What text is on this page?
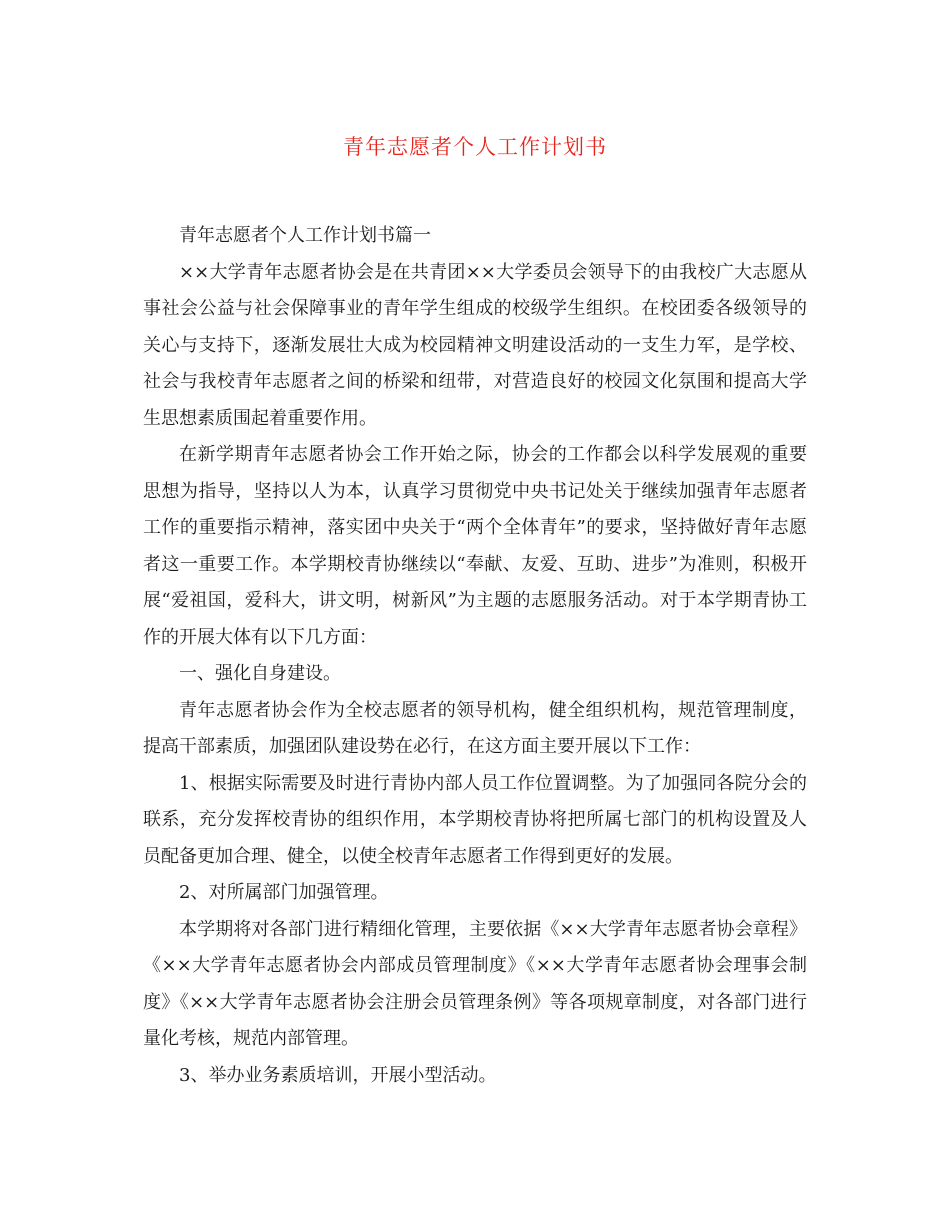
青年志愿者个人工作计划书

青年志愿者个人工作计划书篇一

××大学青年志愿者协会是在共青团××大学委员会领导下的由我校广大志愿从事社会公益与社会保障事业的青年学生组成的校级学生组织。在校团委各级领导的关心与支持下，逐渐发展壮大成为校园精神文明建设活动的一支生力军，是学校、社会与我校青年志愿者之间的桥梁和纽带，对营造良好的校园文化氛围和提高大学生思想素质围起着重要作用。

在新学期青年志愿者协会工作开始之际，协会的工作都会以科学发展观的重要思想为指导，坚持以人为本，认真学习贯彻党中央书记处关于继续加强青年志愿者工作的重要指示精神，落实团中央关于“两个全体青年”的要求，坚持做好青年志愿者这一重要工作。本学期校青协继续以“奉献、友爱、互助、进步”为准则，积极开展“爱祖国，爱科大，讲文明，树新风”为主题的志愿服务活动。对于本学期青协工作的开展大体有以下几方面：

一、强化自身建设。

青年志愿者协会作为全校志愿者的领导机构，健全组织机构，规范管理制度，提高干部素质，加强团队建设势在必行，在这方面主要开展以下工作：

1、根据实际需要及时进行青协内部人员工作位置调整。为了加强同各院分会的联系，充分发挥校青协的组织作用，本学期校青协将把所属七部门的机构设置及人员配备更加合理、健全，以使全校青年志愿者工作得到更好的发展。

2、对所属部门加强管理。

本学期将对各部门进行精细化管理，主要依据《××大学青年志愿者协会章程》《××大学青年志愿者协会内部成员管理制度》《××大学青年志愿者协会理事会制度》《××大学青年志愿者协会注册会员管理条例》等各项规章制度，对各部门进行量化考核，规范内部管理。

3、举办业务素质培训，开展小型活动。
